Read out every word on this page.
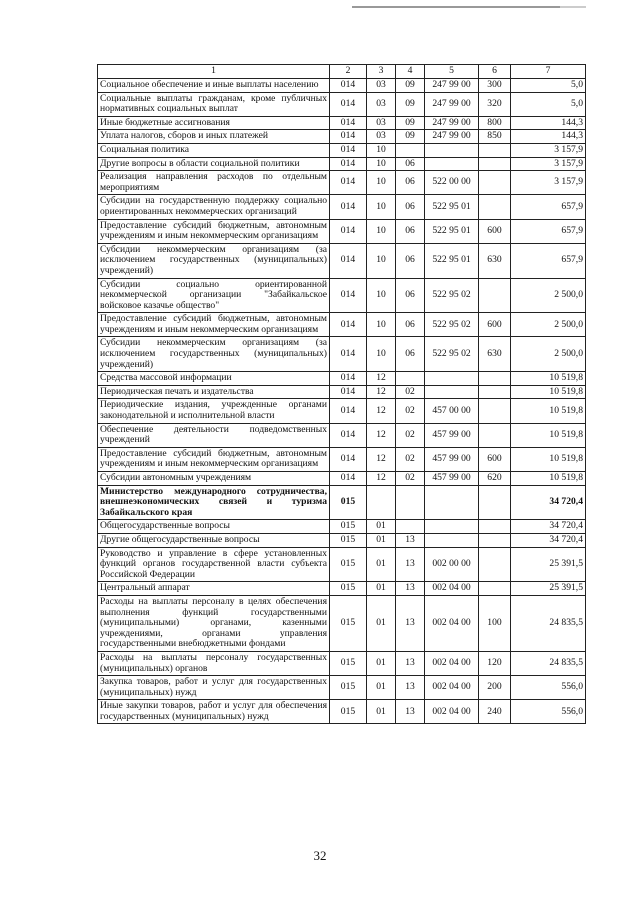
1	2	3	4	5	6	7
Социальное обеспечение и иные выплаты населению	014	03	09	247 99 00	300	5,0
Социальные выплаты гражданам, кроме публичных нормативных социальных выплат	014	03	09	247 99 00	320	5,0
Иные бюджетные ассигнования	014	03	09	247 99 00	800	144,3
Уплата налогов, сборов и иных платежей	014	03	09	247 99 00	850	144,3
Социальная политика	014	10				3 157,9
Другие вопросы в области социальной политики	014	10	06			3 157,9
Реализация направления расходов по отдельным мероприятиям	014	10	06	522 00 00		3 157,9
Субсидии на государственную поддержку социально ориентированных некоммерческих организаций	014	10	06	522 95 01		657,9
Предоставление субсидий бюджетным, автономным учреждениям и иным некоммерческим организациям	014	10	06	522 95 01	600	657,9
Субсидии некоммерческим организациям (за исключением государственных (муниципальных) учреждений)	014	10	06	522 95 01	630	657,9
Субсидии социально ориентированной некоммерческой организации "Забайкальское войсковое казачье общество"	014	10	06	522 95 02		2 500,0
Предоставление субсидий бюджетным, автономным учреждениям и иным некоммерческим организациям	014	10	06	522 95 02	600	2 500,0
Субсидии некоммерческим организациям (за исключением государственных (муниципальных) учреждений)	014	10	06	522 95 02	630	2 500,0
Средства массовой информации	014	12				10 519,8
Периодическая печать и издательства	014	12	02			10 519,8
Периодические издания, учрежденные органами законодательной и исполнительной власти	014	12	02	457 00 00		10 519,8
Обеспечение деятельности подведомственных учреждений	014	12	02	457 99 00		10 519,8
Предоставление субсидий бюджетным, автономным учреждениям и иным некоммерческим организациям	014	12	02	457 99 00	600	10 519,8
Субсидии автономным учреждениям	014	12	02	457 99 00	620	10 519,8
Министерство международного сотрудничества, внешнеэкономических связей и туризма Забайкальского края	015					34 720,4
Общегосударственные вопросы	015	01				34 720,4
Другие общегосударственные вопросы	015	01	13			34 720,4
Руководство и управление в сфере установленных функций органов государственной власти субъекта Российской Федерации	015	01	13	002 00 00		25 391,5
Центральный аппарат	015	01	13	002 04 00		25 391,5
Расходы на выплаты персоналу в целях обеспечения выполнения функций государственными (муниципальными) органами, казенными учреждениями, органами управления государственными внебюджетными фондами	015	01	13	002 04 00	100	24 835,5
Расходы на выплаты персоналу государственных (муниципальных) органов	015	01	13	002 04 00	120	24 835,5
Закупка товаров, работ и услуг для государственных (муниципальных) нужд	015	01	13	002 04 00	200	556,0
Иные закупки товаров, работ и услуг для обеспечения государственных (муниципальных) нужд	015	01	13	002 04 00	240	556,0
32
